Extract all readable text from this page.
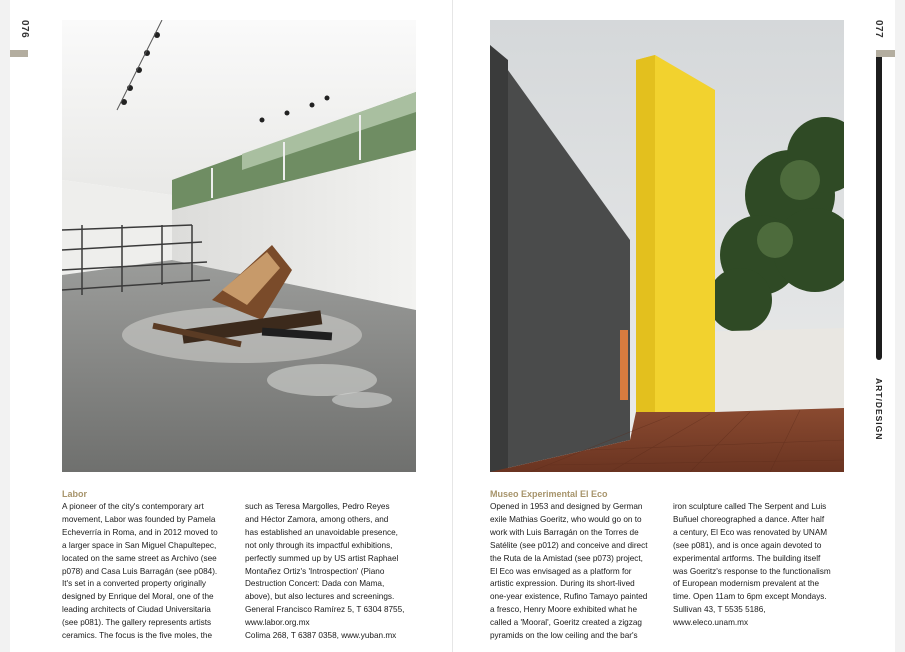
076	077
ART/DESIGN
Labor

A pioneer of the city's contemporary art

movement, Labor was founded by Pamela

Echeverría in Roma, and in 2012 moved to

a larger space in San Miguel Chapultepec,

located on the same street as Archivo (see

p078) and Casa Luis Barragán (see p084).

It's set in a converted property originally

designed by Enrique del Moral, one of the

leading architects of Ciudad Universitaria

(see p081). The gallery represents artists

ceramics. The focus is the five moles, the

such as Teresa Margolles, Pedro Reyes

and Héctor Zamora, among others, and

has established an unavoidable presence,

not only through its impactful exhibitions,

perfectly summed up by US artist Raphael

Montañez Ortiz's 'Introspection' (Piano

Destruction Concert: Dada con Mama,

above), but also lectures and screenings.

General Francisco Ramírez 5, T 6304 8755,

www.labor.org.mx

Colima 268, T 6387 0358, www.yuban.mx

Museo Experimental El Eco

Opened in 1953 and designed by German

exile Mathias Goeritz, who would go on to

work with Luis Barragán on the Torres de

Satélite (see p012) and conceive and direct

the Ruta de la Amistad (see p073) project,

El Eco was envisaged as a platform for

artistic expression. During its short-lived

one-year existence, Rufino Tamayo painted

a fresco, Henry Moore exhibited what he

called a 'Mooral', Goeritz created a zigzag

pyramids on the low ceiling and the bar's

iron sculpture called The Serpent and Luis

Buñuel choreographed a dance. After half

a century, El Eco was renovated by UNAM

(see p081), and is once again devoted to

experimental artforms. The building itself

was Goeritz's response to the functionalism

of European modernism prevalent at the

time. Open 11am to 6pm except Mondays.

Sullivan 43, T 5535 5186,

www.eleco.unam.mx
